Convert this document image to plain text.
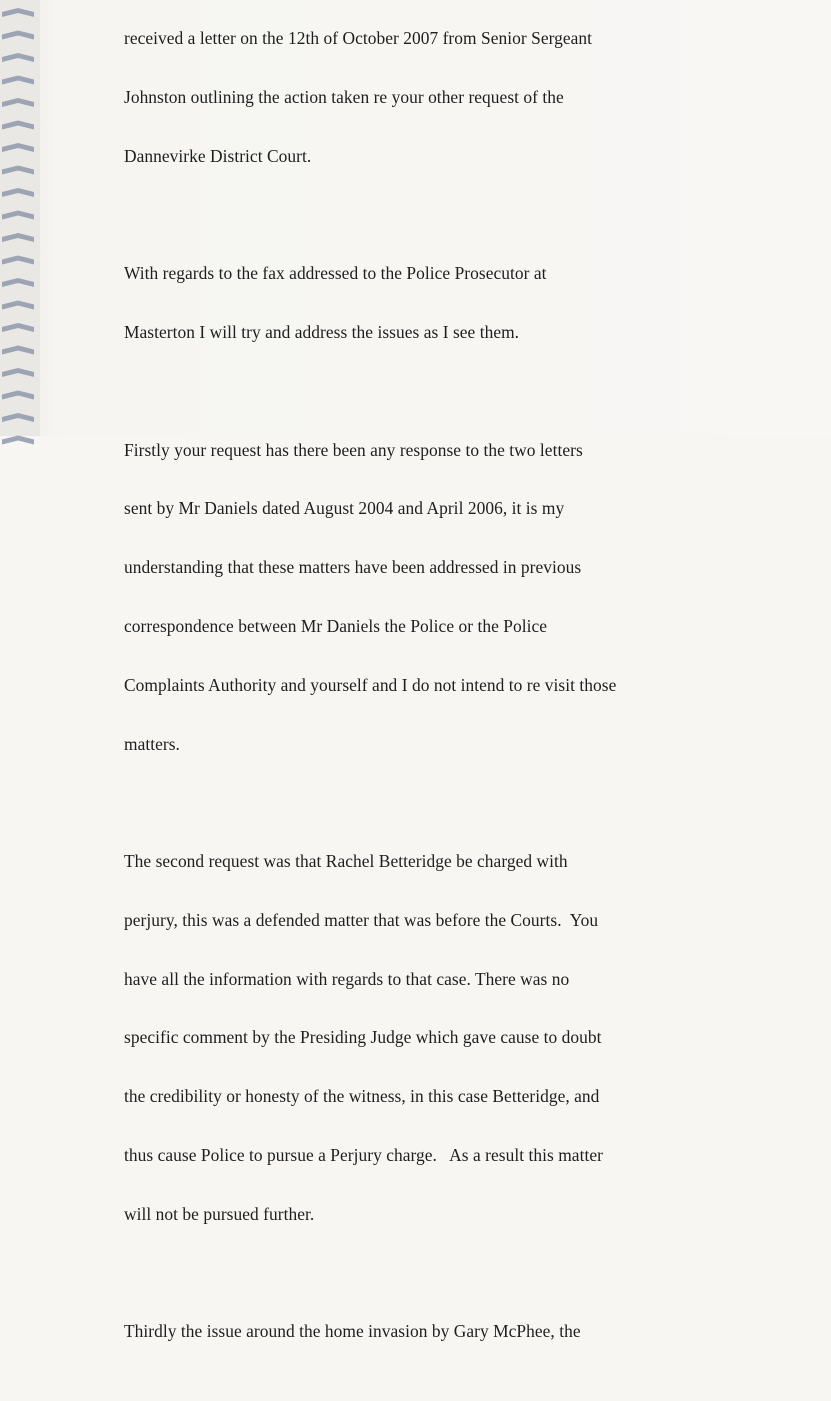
received a letter on the 12th of October 2007 from Senior Sergeant

Johnston outlining the action taken re your other request of the

Dannevirke District Court.

With regards to the fax addressed to the Police Prosecutor at

Masterton I will try and address the issues as I see them.

Firstly your request has there been any response to the two letters

sent by Mr Daniels dated August 2004 and April 2006, it is my

understanding that these matters have been addressed in previous

correspondence between Mr Daniels the Police or the Police

Complaints Authority and yourself and I do not intend to re visit those

matters.

The second request was that Rachel Betteridge be charged with

perjury, this was a defended matter that was before the Courts.  You

have all the information with regards to that case. There was no

specific comment by the Presiding Judge which gave cause to doubt

the credibility or honesty of the witness, in this case Betteridge, and

thus cause Police to pursue a Perjury charge.   As a result this matter

will not be pursued further.

Thirdly the issue around the home invasion by Gary McPhee, the
